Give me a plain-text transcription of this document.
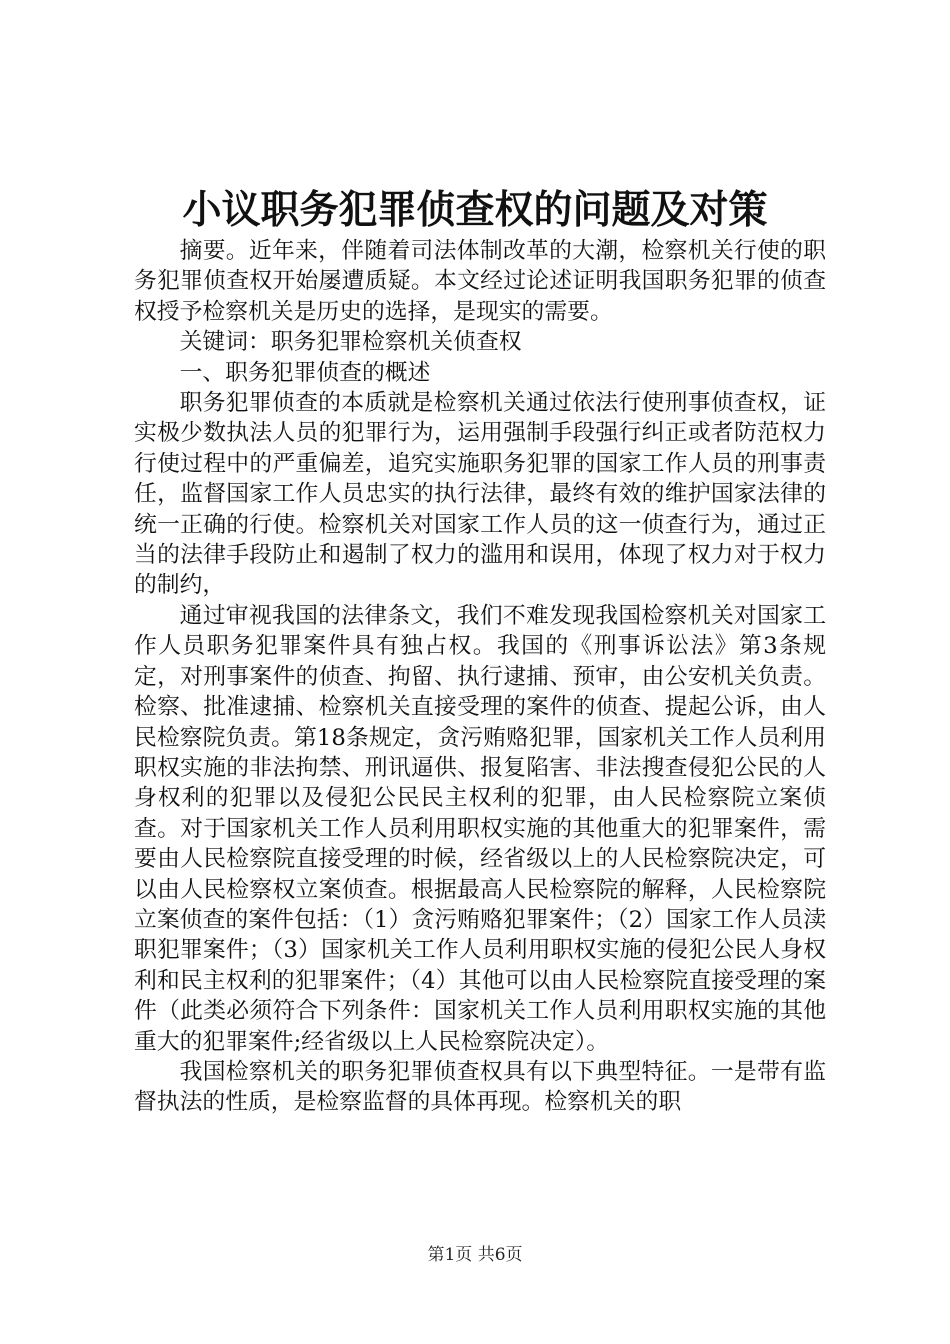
小议职务犯罪侦查权的问题及对策

摘要。近年来，伴随着司法体制改革的大潮，检察机关行使的职务犯罪侦查权开始屡遭质疑。本文经过论述证明我国职务犯罪的侦查权授予检察机关是历史的选择，是现实的需要。

关键词：职务犯罪检察机关侦查权

一、职务犯罪侦查的概述

职务犯罪侦查的本质就是检察机关通过依法行使刑事侦查权，证实极少数执法人员的犯罪行为，运用强制手段强行纠正或者防范权力行使过程中的严重偏差，追究实施职务犯罪的国家工作人员的刑事责任，监督国家工作人员忠实的执行法律，最终有效的维护国家法律的统一正确的行使。检察机关对国家工作人员的这一侦查行为，通过正当的法律手段防止和遏制了权力的滥用和误用，体现了权力对于权力的制约，

通过审视我国的法律条文，我们不难发现我国检察机关对国家工作人员职务犯罪案件具有独占权。我国的《刑事诉讼法》第3条规定，对刑事案件的侦查、拘留、执行逮捕、预审，由公安机关负责。检察、批准逮捕、检察机关直接受理的案件的侦查、提起公诉，由人民检察院负责。第18条规定，贪污贿赂犯罪，国家机关工作人员利用职权实施的非法拘禁、刑讯逼供、报复陷害、非法搜查侵犯公民的人身权利的犯罪以及侵犯公民民主权利的犯罪，由人民检察院立案侦查。对于国家机关工作人员利用职权实施的其他重大的犯罪案件，需要由人民检察院直接受理的时候，经省级以上的人民检察院决定，可以由人民检察权立案侦查。根据最高人民检察院的解释，人民检察院立案侦查的案件包括：（1）贪污贿赂犯罪案件；（2）国家工作人员渎职犯罪案件；（3）国家机关工作人员利用职权实施的侵犯公民人身权利和民主权利的犯罪案件；（4）其他可以由人民检察院直接受理的案件（此类必须符合下列条件：国家机关工作人员利用职权实施的其他重大的犯罪案件;经省级以上人民检察院决定）。

我国检察机关的职务犯罪侦查权具有以下典型特征。一是带有监督执法的性质，是检察监督的具体再现。检察机关的职

第1页 共6页
